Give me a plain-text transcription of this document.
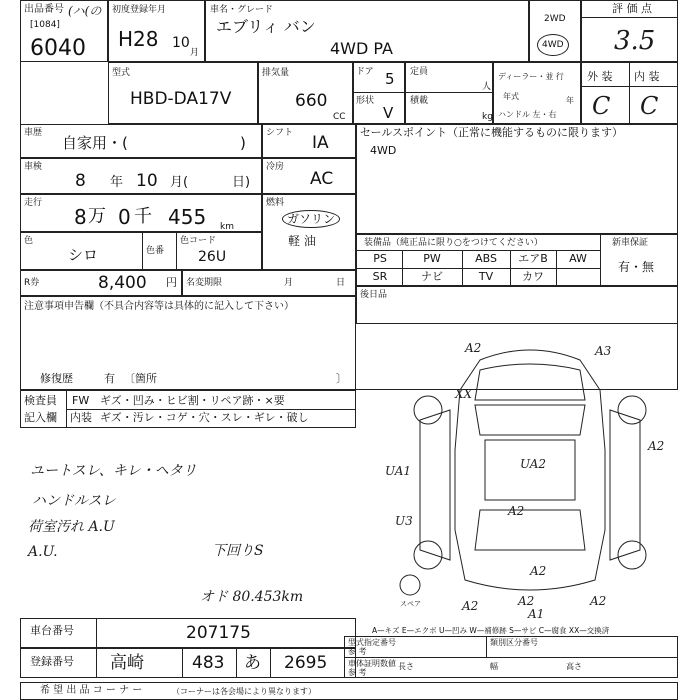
出品番号 (ハ(の
[1084]
6040
初度登録年月
H28 10
月
車名・グレード
エブリィ バン
4WD PA
2WD
4WD
評 価 点
3.5
型式
HBD-DA17V
排気量
660
CC
ドア 5
形状
V
定員
人
積載
kg
ディーラー・並 行
年式	年
ハンドル 左・右
外 装 内 装
C C
車歴
自家用・(	)
シフト IA
車検
8 年 10 月(	日)
冷房
AC
走行
8 万 0 千 455 km
燃料
ガソリン
軽 油
色
シロ	色番
色コード
26U
R券	8,400 円 名変期限	月	日
セールスポイント（正常に機能するものに限ります）
4WD
装備品（純正品に限り○をつけてください）	新車保証
有・無
PS	PW	ABS	エアB	AW
SR	ナビ	TV	カワ
後日品
注意事項申告欄（不具合内容等は具体的に記入して下さい）
修復歴	有 〔箇所	〕
検査員
記入欄
FW ギズ・凹み・ヒビ割・リペア跡・×要
内装 ギズ・汚レ・コゲ・穴・スレ・ギレ・破し
ユートスレ、キレ・ヘタリ
ハンドルスレ
荷室汚れ A.U
A.U.	下回りS
オド 80.453km
A2	A3
XX
UA1	UA2
U3
A2
A2
A2
A2	A2
A1
A2
スペア
A—キズ E—エクボ U—凹み W—補修跡 S—サビ C—腐食 XX—交換済
車台番号	207175
登録番号 高崎	483 あ 2695
型式指定番号
参 考
類別区分番号
車体証明数値
参 考
長さ	幅	高さ
希 望 出 品 コ ー ナ ー	（コーナーは各会場により異なります）
